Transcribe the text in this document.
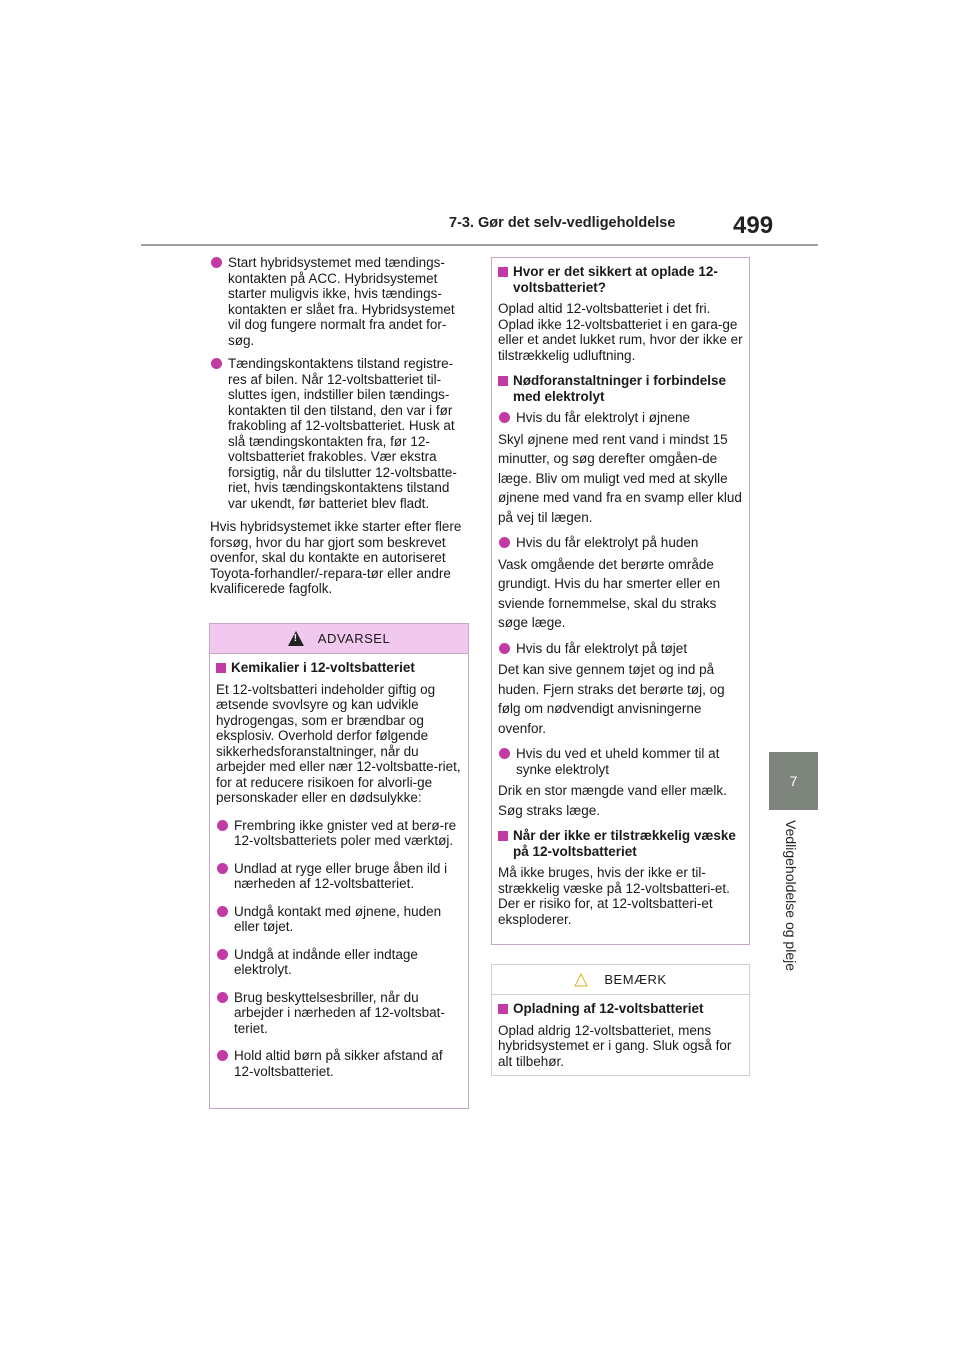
7-3. Gør det selv-vedligeholdelse 499
7
Vedligeholdelse og pleje
Start hybridsystemet med tændings-kontakten på ACC. Hybridsystemet starter muligvis ikke, hvis tændings-kontakten er slået fra. Hybridsystemet vil dog fungere normalt fra andet for-søg.
Tændingskontaktens tilstand registre-res af bilen. Når 12-voltsbatteriet til-sluttes igen, indstiller bilen tændings-kontakten til den tilstand, den var i før frakobling af 12-voltsbatteriet. Husk at slå tændingskontakten fra, før 12-voltsbatteriet frakobles. Vær ekstra forsigtig, når du tilslutter 12-voltsbatte-riet, hvis tændingskontaktens tilstand var ukendt, før batteriet blev fladt.

Hvis hybridsystemet ikke starter efter flere forsøg, hvor du har gjort som beskrevet ovenfor, skal du kontakte en autoriseret Toyota-forhandler/-repara-tør eller andre kvalificerede fagfolk.

! ADVARSEL
Kemikalier i 12-voltsbatteriet

Et 12-voltsbatteri indeholder giftig og ætsende svovlsyre og kan udvikle hydrogengas, som er brændbar og eksplosiv. Overhold derfor følgende sikkerhedsforanstaltninger, når du arbejder med eller nær 12-voltsbatte-riet, for at reducere risikoen for alvorli-ge personskader eller en dødsulykke:

Frembring ikke gnister ved at berø-re 12-voltsbatteriets poler med værktøj.
Undlad at ryge eller bruge åben ild i nærheden af 12-voltsbatteriet.
Undgå kontakt med øjnene, huden eller tøjet.
Undgå at indånde eller indtage elektrolyt.
Brug beskyttelsesbriller, når du arbejder i nærheden af 12-voltsbat-teriet.
Hold altid børn på sikker afstand af 12-voltsbatteriet.
Hvor er det sikkert at oplade 12-voltsbatteriet?

Oplad altid 12-voltsbatteriet i det fri. Oplad ikke 12-voltsbatteriet i en gara-ge eller et andet lukket rum, hvor der ikke er tilstrækkelig udluftning.

Nødforanstaltninger i forbindelse med elektrolyt
Hvis du får elektrolyt i øjnene

Skyl øjnene med rent vand i mindst 15 minutter, og søg derefter omgåen-de læge. Bliv om muligt ved med at skylle øjnene med vand fra en svamp eller klud på vej til lægen.

Hvis du får elektrolyt på huden

Vask omgående det berørte område grundigt. Hvis du har smerter eller en sviende fornemmelse, skal du straks søge læge.

Hvis du får elektrolyt på tøjet

Det kan sive gennem tøjet og ind på huden. Fjern straks det berørte tøj, og følg om nødvendigt anvisningerne ovenfor.

Hvis du ved et uheld kommer til at synke elektrolyt

Drik en stor mængde vand eller mælk. Søg straks læge.

Når der ikke er tilstrækkelig væske på 12-voltsbatteriet

Må ikke bruges, hvis der ikke er til-strækkelig væske på 12-voltsbatteri-et. Der er risiko for, at 12-voltsbatteri-et eksploderer.

BEMÆRK
Opladning af 12-voltsbatteriet

Oplad aldrig 12-voltsbatteriet, mens hybridsystemet er i gang. Sluk også for alt tilbehør.
